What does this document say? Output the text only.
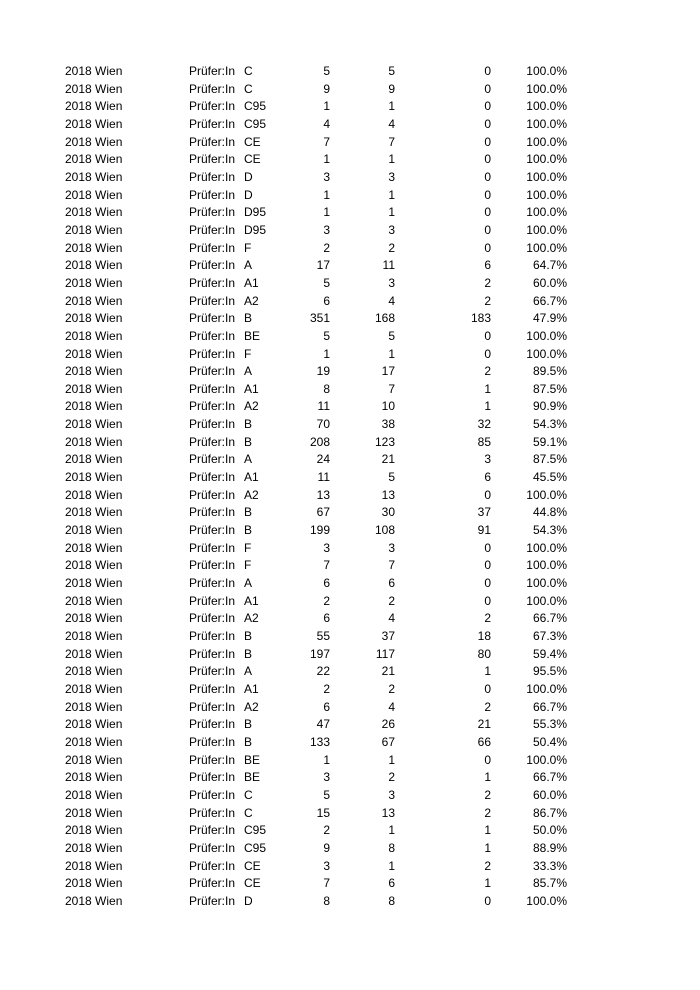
2018 Wien	Prüfer:In C	5	5	0	100.0%
2018 Wien	Prüfer:In C	9	9	0	100.0%
2018 Wien	Prüfer:In C95	1	1	0	100.0%
2018 Wien	Prüfer:In C95	4	4	0	100.0%
2018 Wien	Prüfer:In CE	7	7	0	100.0%
2018 Wien	Prüfer:In CE	1	1	0	100.0%
2018 Wien	Prüfer:In D	3	3	0	100.0%
2018 Wien	Prüfer:In D	1	1	0	100.0%
2018 Wien	Prüfer:In D95	1	1	0	100.0%
2018 Wien	Prüfer:In D95	3	3	0	100.0%
2018 Wien	Prüfer:In F	2	2	0	100.0%
2018 Wien	Prüfer:In A	17	11	6	64.7%
2018 Wien	Prüfer:In A1	5	3	2	60.0%
2018 Wien	Prüfer:In A2	6	4	2	66.7%
2018 Wien	Prüfer:In B	351	168	183	47.9%
2018 Wien	Prüfer:In BE	5	5	0	100.0%
2018 Wien	Prüfer:In F	1	1	0	100.0%
2018 Wien	Prüfer:In A	19	17	2	89.5%
2018 Wien	Prüfer:In A1	8	7	1	87.5%
2018 Wien	Prüfer:In A2	11	10	1	90.9%
2018 Wien	Prüfer:In B	70	38	32	54.3%
2018 Wien	Prüfer:In B	208	123	85	59.1%
2018 Wien	Prüfer:In A	24	21	3	87.5%
2018 Wien	Prüfer:In A1	11	5	6	45.5%
2018 Wien	Prüfer:In A2	13	13	0	100.0%
2018 Wien	Prüfer:In B	67	30	37	44.8%
2018 Wien	Prüfer:In B	199	108	91	54.3%
2018 Wien	Prüfer:In F	3	3	0	100.0%
2018 Wien	Prüfer:In F	7	7	0	100.0%
2018 Wien	Prüfer:In A	6	6	0	100.0%
2018 Wien	Prüfer:In A1	2	2	0	100.0%
2018 Wien	Prüfer:In A2	6	4	2	66.7%
2018 Wien	Prüfer:In B	55	37	18	67.3%
2018 Wien	Prüfer:In B	197	117	80	59.4%
2018 Wien	Prüfer:In A	22	21	1	95.5%
2018 Wien	Prüfer:In A1	2	2	0	100.0%
2018 Wien	Prüfer:In A2	6	4	2	66.7%
2018 Wien	Prüfer:In B	47	26	21	55.3%
2018 Wien	Prüfer:In B	133	67	66	50.4%
2018 Wien	Prüfer:In BE	1	1	0	100.0%
2018 Wien	Prüfer:In BE	3	2	1	66.7%
2018 Wien	Prüfer:In C	5	3	2	60.0%
2018 Wien	Prüfer:In C	15	13	2	86.7%
2018 Wien	Prüfer:In C95	2	1	1	50.0%
2018 Wien	Prüfer:In C95	9	8	1	88.9%
2018 Wien	Prüfer:In CE	3	1	2	33.3%
2018 Wien	Prüfer:In CE	7	6	1	85.7%
2018 Wien	Prüfer:In D	8	8	0	100.0%
